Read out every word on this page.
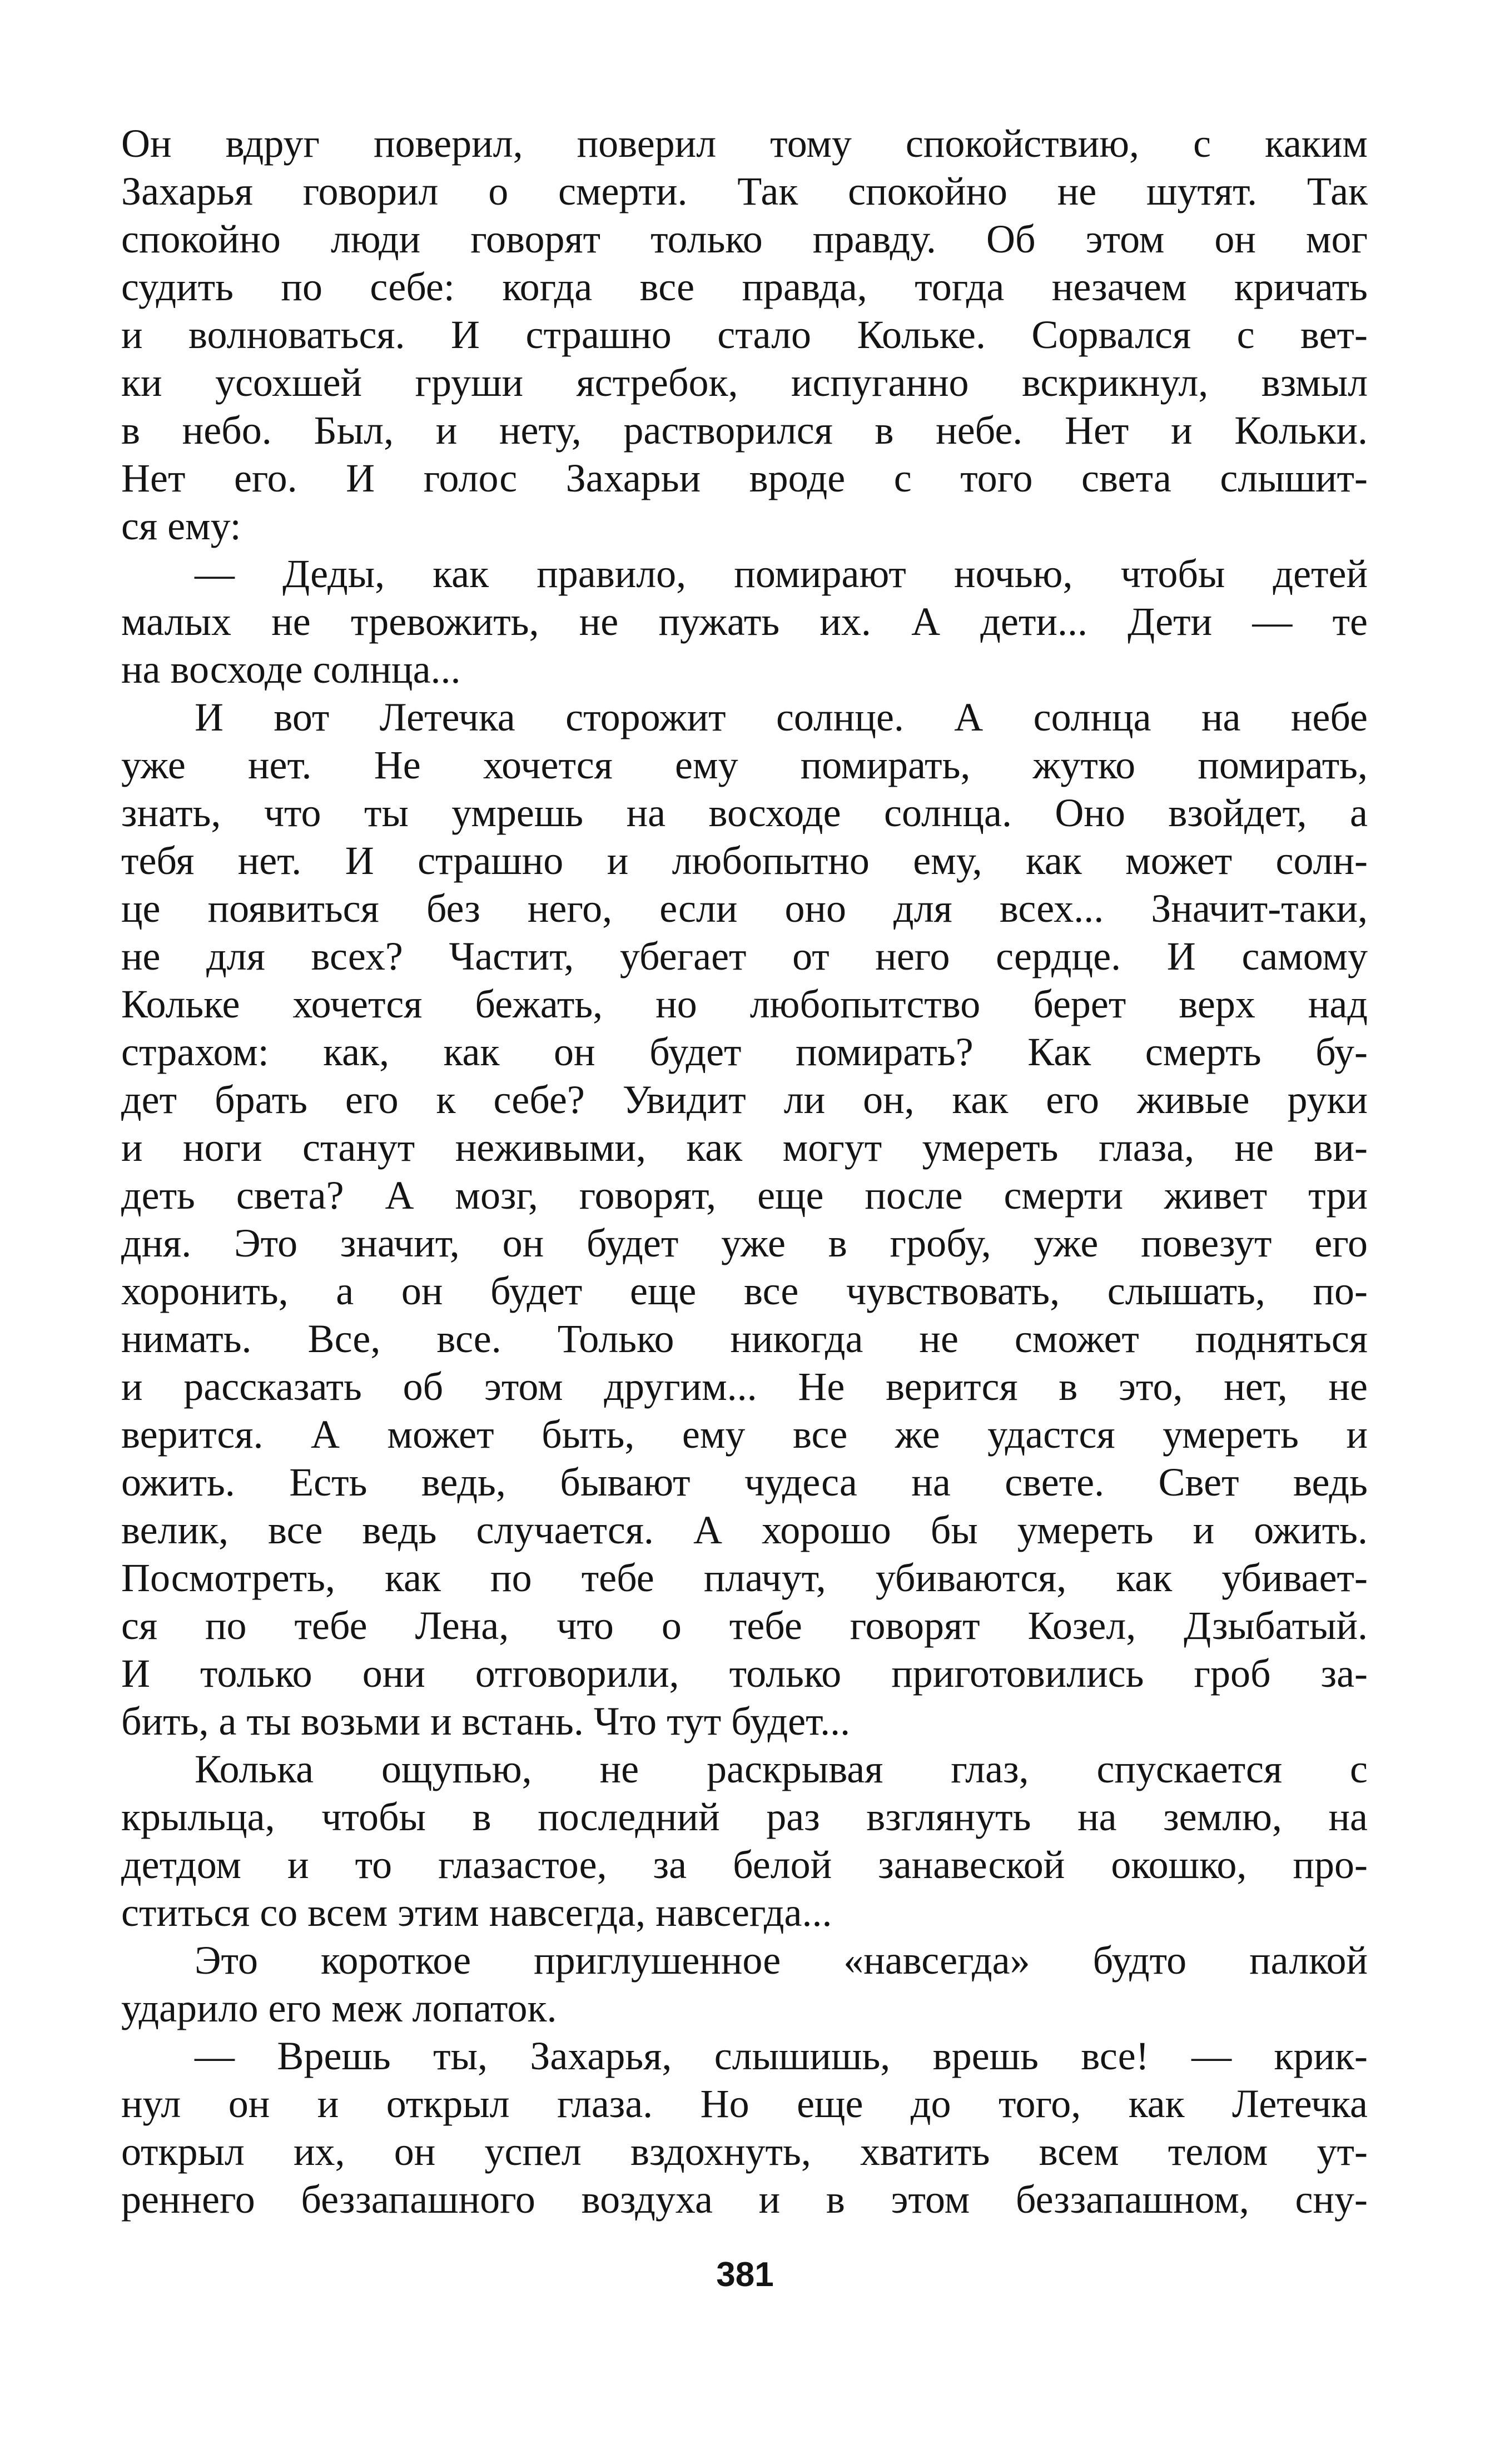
Он вдруг поверил, поверил тому спокойствию, с каким
Захарья говорил о смерти. Так спокойно не шутят. Так
спокойно люди говорят только правду. Об этом он мог
судить по себе: когда все правда, тогда незачем кричать
и волноваться. И страшно стало Кольке. Сорвался с вет-
ки усохшей груши ястребок, испуганно вскрикнул, взмыл
в небо. Был, и нету, растворился в небе. Нет и Кольки.
Нет его. И голос Захарьи вроде с того света слышит-
ся ему:
— Деды, как правило, помирают ночью, чтобы детей
малых не тревожить, не пужать их. А дети... Дети — те
на восходе солнца...
И вот Летечка сторожит солнце. А солнца на небе
уже нет. Не хочется ему помирать, жутко помирать,
знать, что ты умрешь на восходе солнца. Оно взойдет, а
тебя нет. И страшно и любопытно ему, как может солн-
це появиться без него, если оно для всех... Значит-таки,
не для всех? Частит, убегает от него сердце. И самому
Кольке хочется бежать, но любопытство берет верх над
страхом: как, как он будет помирать? Как смерть бу-
дет брать его к себе? Увидит ли он, как его живые руки
и ноги станут неживыми, как могут умереть глаза, не ви-
деть света? А мозг, говорят, еще после смерти живет три
дня. Это значит, он будет уже в гробу, уже повезут его
хоронить, а он будет еще все чувствовать, слышать, по-
нимать. Все, все. Только никогда не сможет подняться
и рассказать об этом другим... Не верится в это, нет, не
верится. А может быть, ему все же удастся умереть и
ожить. Есть ведь, бывают чудеса на свете. Свет ведь
велик, все ведь случается. А хорошо бы умереть и ожить.
Посмотреть, как по тебе плачут, убиваются, как убивает-
ся по тебе Лена, что о тебе говорят Козел, Дзыбатый.
И только они отговорили, только приготовились гроб за-
бить, а ты возьми и встань. Что тут будет...
Колька ощупью, не раскрывая глаз, спускается с
крыльца, чтобы в последний раз взглянуть на землю, на
детдом и то глазастое, за белой занавеской окошко, про-
ститься со всем этим навсегда, навсегда...
Это короткое приглушенное «навсегда» будто палкой
ударило его меж лопаток.
— Врешь ты, Захарья, слышишь, врешь все! — крик-
нул он и открыл глаза. Но еще до того, как Летечка
открыл их, он успел вздохнуть, хватить всем телом ут-
реннего беззапашного воздуха и в этом беззапашном, сну-
381
